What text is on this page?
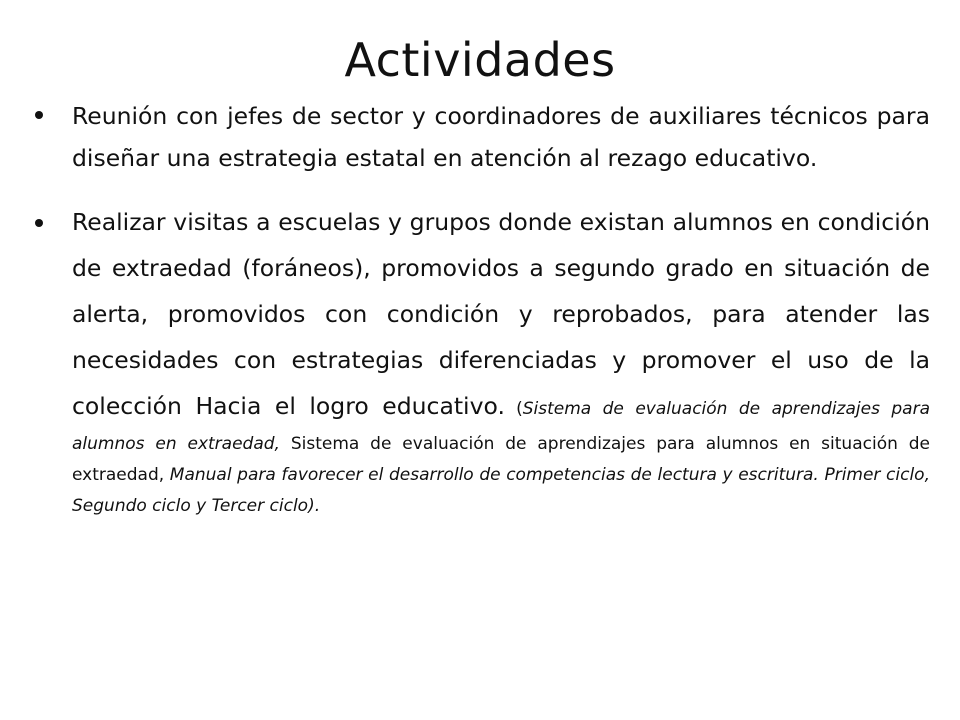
Actividades
Reunión con jefes de sector y coordinadores de auxiliares técnicos para diseñar una estrategia estatal en atención al rezago educativo.
Realizar visitas a escuelas y grupos donde existan alumnos en condición de extraedad (foráneos), promovidos a segundo grado en situación de alerta, promovidos con condición y reprobados, para atender las necesidades con estrategias diferenciadas y promover el uso de la colección Hacia el logro educativo. (Sistema de evaluación de aprendizajes para alumnos en extraedad, Sistema de evaluación de aprendizajes para alumnos en situación de extraedad, Manual para favorecer el desarrollo de competencias de lectura y escritura. Primer ciclo, Segundo ciclo y Tercer ciclo).
